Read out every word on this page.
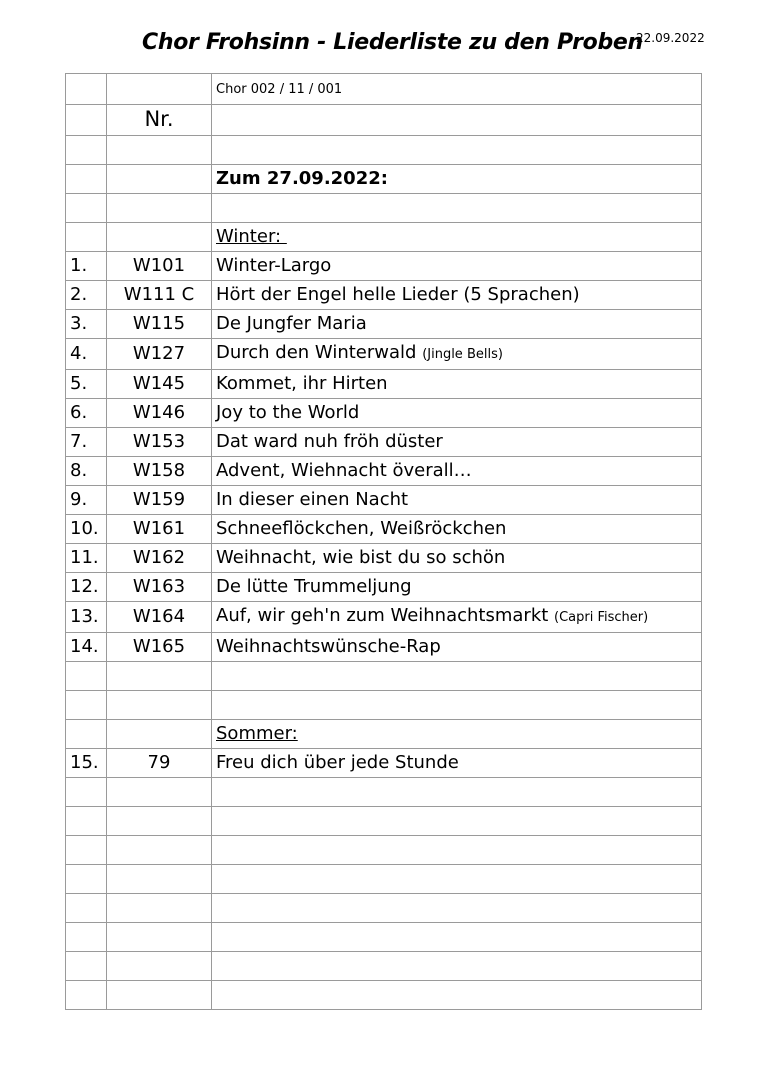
Chor Frohsinn - Liederliste zu den Proben
22.09.2022
		Chor 002 / 11 / 001
	Nr.	

		Zum 27.09.2022:

		Winter:
1.	W101	Winter-Largo
2.	W111 C	Hört der Engel helle Lieder (5 Sprachen)
3.	W115	De Jungfer Maria
4.	W127	Durch den Winterwald (Jingle Bells)
5.	W145	Kommet, ihr Hirten
6.	W146	Joy to the World
7.	W153	Dat ward nuh fröh düster
8.	W158	Advent, Wiehnacht överall…
9.	W159	In dieser einen Nacht
10.	W161	Schneeflöckchen, Weißröckchen
11.	W162	Weihnacht, wie bist du so schön
12.	W163	De lütte Trummeljung
13.	W164	Auf, wir geh'n zum Weihnachtsmarkt (Capri Fischer)
14.	W165	Weihnachtswünsche-Rap

		Sommer:
15.	79	Freu dich über jede Stunde
